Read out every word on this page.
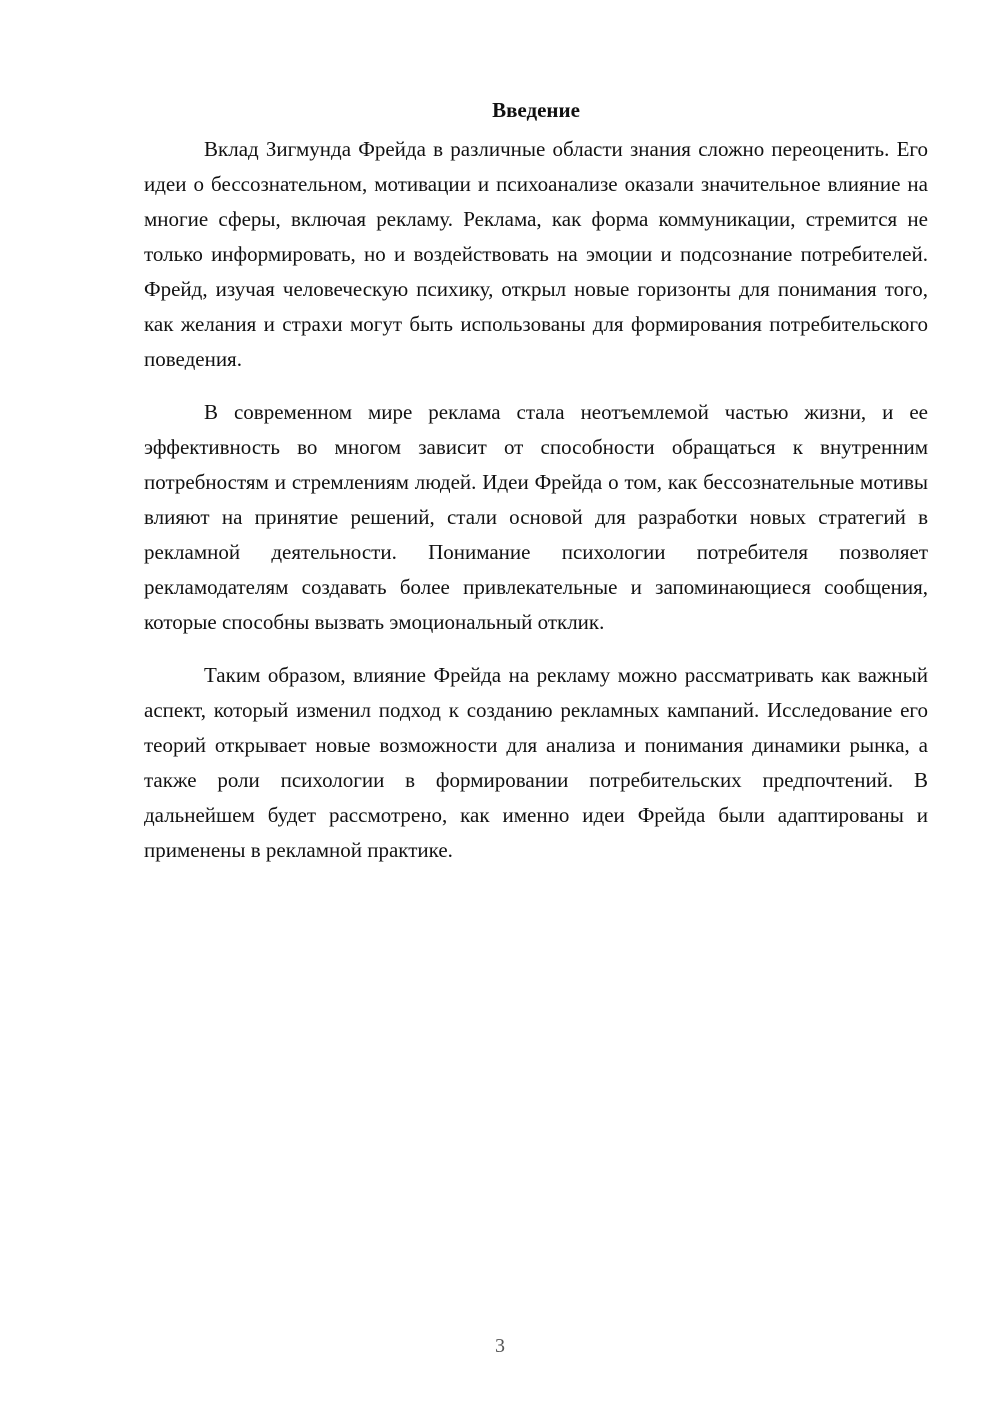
Введение

Вклад Зигмунда Фрейда в различные области знания сложно переоценить. Его идеи о бессознательном, мотивации и психоанализе оказали значительное влияние на многие сферы, включая рекламу. Реклама, как форма коммуникации, стремится не только информировать, но и воздействовать на эмоции и подсознание потребителей. Фрейд, изучая человеческую психику, открыл новые горизонты для понимания того, как желания и страхи могут быть использованы для формирования потребительского поведения.

В современном мире реклама стала неотъемлемой частью жизни, и ее эффективность во многом зависит от способности обращаться к внутренним потребностям и стремлениям людей. Идеи Фрейда о том, как бессознательные мотивы влияют на принятие решений, стали основой для разработки новых стратегий в рекламной деятельности. Понимание психологии потребителя позволяет рекламодателям создавать более привлекательные и запоминающиеся сообщения, которые способны вызвать эмоциональный отклик.

Таким образом, влияние Фрейда на рекламу можно рассматривать как важный аспект, который изменил подход к созданию рекламных кампаний. Исследование его теорий открывает новые возможности для анализа и понимания динамики рынка, а также роли психологии в формировании потребительских предпочтений. В дальнейшем будет рассмотрено, как именно идеи Фрейда были адаптированы и применены в рекламной практике.

3
